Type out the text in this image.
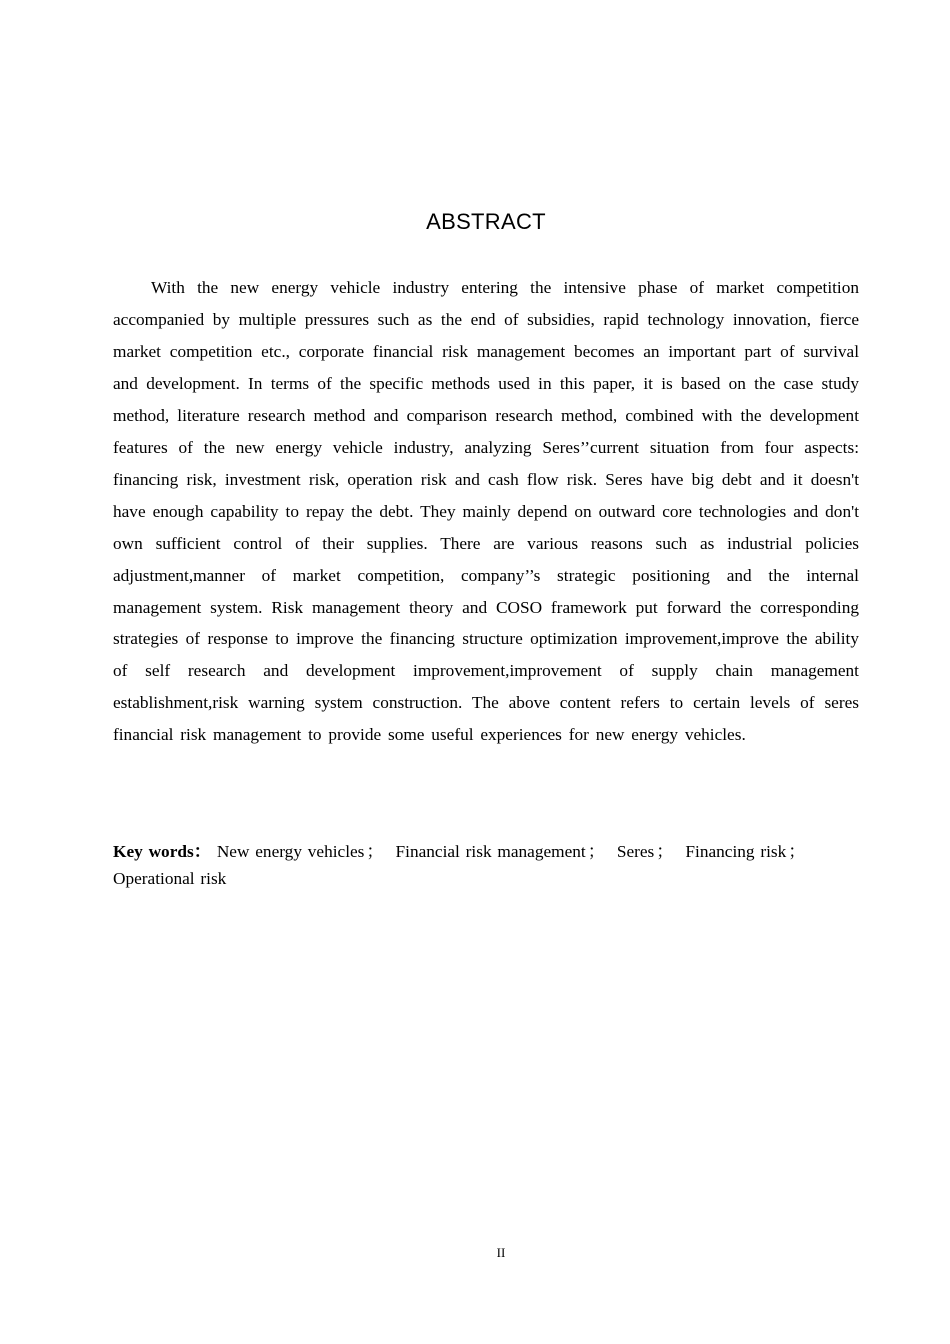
ABSTRACT

With the new energy vehicle industry entering the intensive phase of market competition accompanied by multiple pressures such as the end of subsidies, rapid technology innovation, fierce market competition etc., corporate financial risk management becomes an important part of survival and development. In terms of the specific methods used in this paper, it is based on the case study method, literature research method and comparison research method, combined with the development features of the new energy vehicle industry, analyzing Seres’’current situation from four aspects: financing risk, investment risk, operation risk and cash flow risk. Seres have big debt and it doesn't have enough capability to repay the debt. They mainly depend on outward core technologies and don't own sufficient control of their supplies. There are various reasons such as industrial policies adjustment,manner of market competition, company’’s strategic positioning and the internal management system. Risk management theory and COSO framework put forward the corresponding strategies of response to improve the financing structure optimization improvement,improve the ability of self research and development improvement,improvement of supply chain management establishment,risk warning system construction. The above content refers to certain levels of seres financial risk management to provide some useful experiences for new energy vehicles.

Key words： New energy vehicles ； Financial risk management ； Seres ； Financing risk ； Operational risk

II
